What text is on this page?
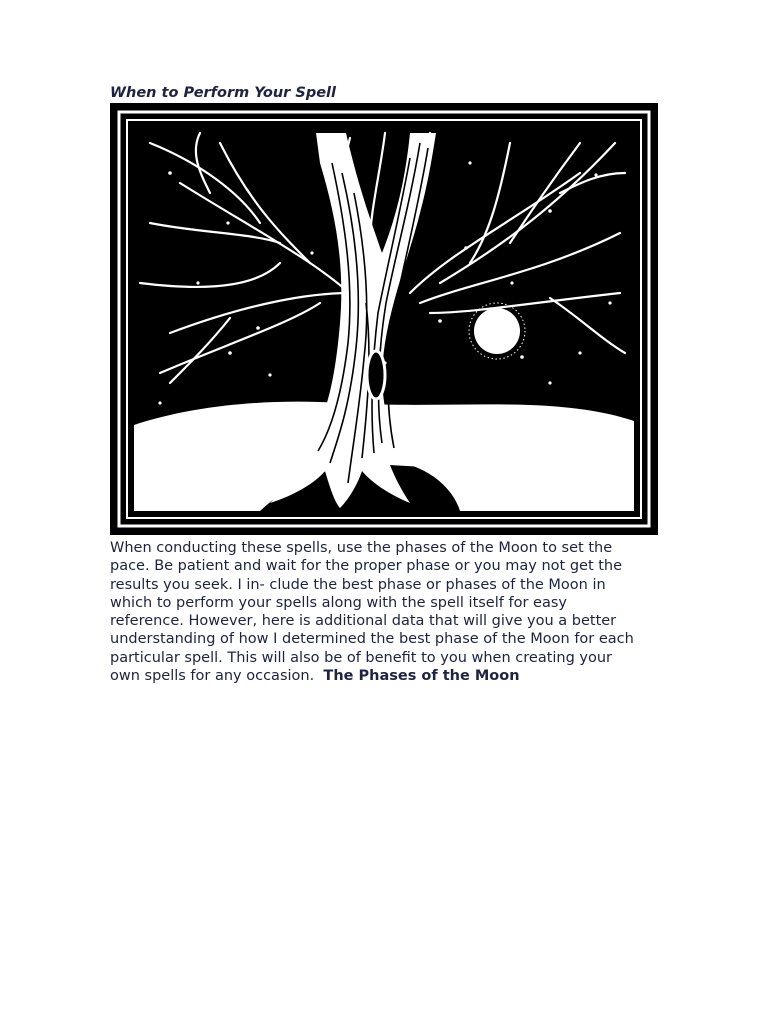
When to Perform Your Spell

When conducting these spells, use the phases of the Moon to set the
pace. Be patient and wait for the proper phase or you may not get the
results you seek. I in- clude the best phase or phases of the Moon in
which to perform your spells along with the spell itself for easy
reference. However, here is additional data that will give you a better
understanding of how I determined the best phase of the Moon for each
particular spell. This will also be of benefit to you when creating your
own spells for any occasion. The Phases of the Moon
